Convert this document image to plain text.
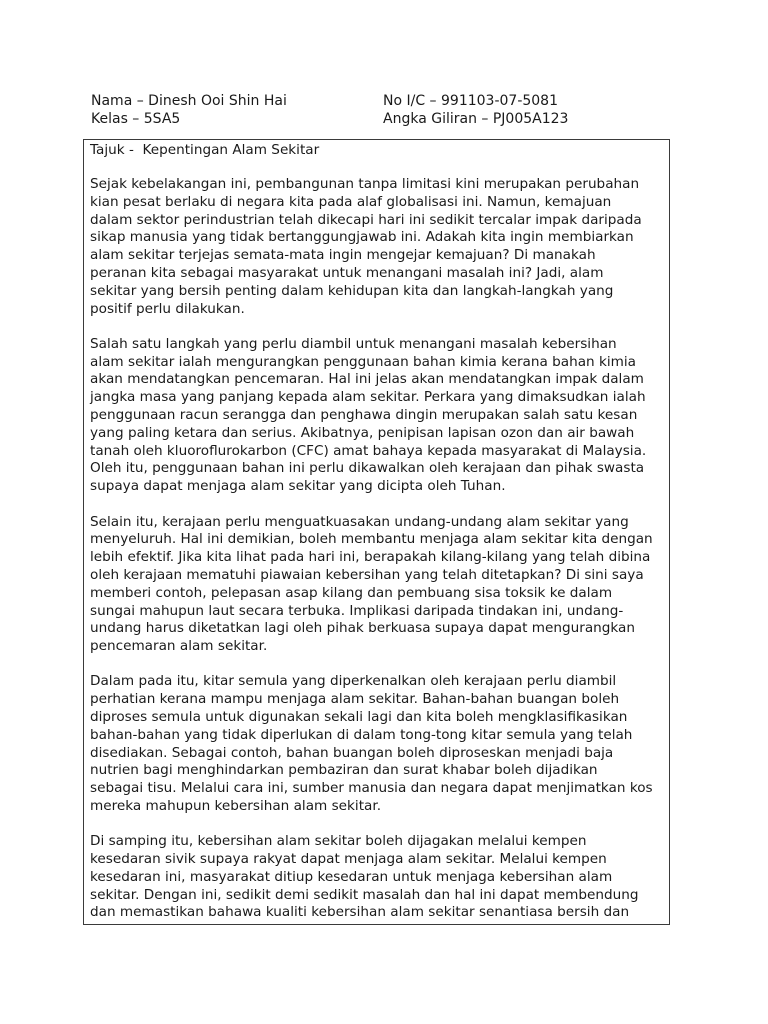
Nama – Dinesh Ooi Shin Hai
Kelas – 5SA5
No I/C – 991103-07-5081
Angka Giliran – PJ005A123
Tajuk -  Kepentingan Alam Sekitar
Sejak kebelakangan ini, pembangunan tanpa limitasi kini merupakan perubahan
kian pesat berlaku di negara kita pada alaf globalisasi ini. Namun, kemajuan
dalam sektor perindustrian telah dikecapi hari ini sedikit tercalar impak daripada
sikap manusia yang tidak bertanggungjawab ini. Adakah kita ingin membiarkan
alam sekitar terjejas semata-mata ingin mengejar kemajuan? Di manakah
peranan kita sebagai masyarakat untuk menangani masalah ini? Jadi, alam
sekitar yang bersih penting dalam kehidupan kita dan langkah-langkah yang
positif perlu dilakukan.
Salah satu langkah yang perlu diambil untuk menangani masalah kebersihan
alam sekitar ialah mengurangkan penggunaan bahan kimia kerana bahan kimia
akan mendatangkan pencemaran. Hal ini jelas akan mendatangkan impak dalam
jangka masa yang panjang kepada alam sekitar. Perkara yang dimaksudkan ialah
penggunaan racun serangga dan penghawa dingin merupakan salah satu kesan
yang paling ketara dan serius. Akibatnya, penipisan lapisan ozon dan air bawah
tanah oleh kluoroflurokarbon (CFC) amat bahaya kepada masyarakat di Malaysia.
Oleh itu, penggunaan bahan ini perlu dikawalkan oleh kerajaan dan pihak swasta
supaya dapat menjaga alam sekitar yang dicipta oleh Tuhan.
Selain itu, kerajaan perlu menguatkuasakan undang-undang alam sekitar yang
menyeluruh. Hal ini demikian, boleh membantu menjaga alam sekitar kita dengan
lebih efektif. Jika kita lihat pada hari ini, berapakah kilang-kilang yang telah dibina
oleh kerajaan mematuhi piawaian kebersihan yang telah ditetapkan? Di sini saya
memberi contoh, pelepasan asap kilang dan pembuang sisa toksik ke dalam
sungai mahupun laut secara terbuka. Implikasi daripada tindakan ini, undang-
undang harus diketatkan lagi oleh pihak berkuasa supaya dapat mengurangkan
pencemaran alam sekitar.
Dalam pada itu, kitar semula yang diperkenalkan oleh kerajaan perlu diambil
perhatian kerana mampu menjaga alam sekitar. Bahan-bahan buangan boleh
diproses semula untuk digunakan sekali lagi dan kita boleh mengklasifikasikan
bahan-bahan yang tidak diperlukan di dalam tong-tong kitar semula yang telah
disediakan. Sebagai contoh, bahan buangan boleh diproseskan menjadi baja
nutrien bagi menghindarkan pembaziran dan surat khabar boleh dijadikan
sebagai tisu. Melalui cara ini, sumber manusia dan negara dapat menjimatkan kos
mereka mahupun kebersihan alam sekitar.
Di samping itu, kebersihan alam sekitar boleh dijagakan melalui kempen
kesedaran sivik supaya rakyat dapat menjaga alam sekitar. Melalui kempen
kesedaran ini, masyarakat ditiup kesedaran untuk menjaga kebersihan alam
sekitar. Dengan ini, sedikit demi sedikit masalah dan hal ini dapat membendung
dan memastikan bahawa kualiti kebersihan alam sekitar senantiasa bersih dan
